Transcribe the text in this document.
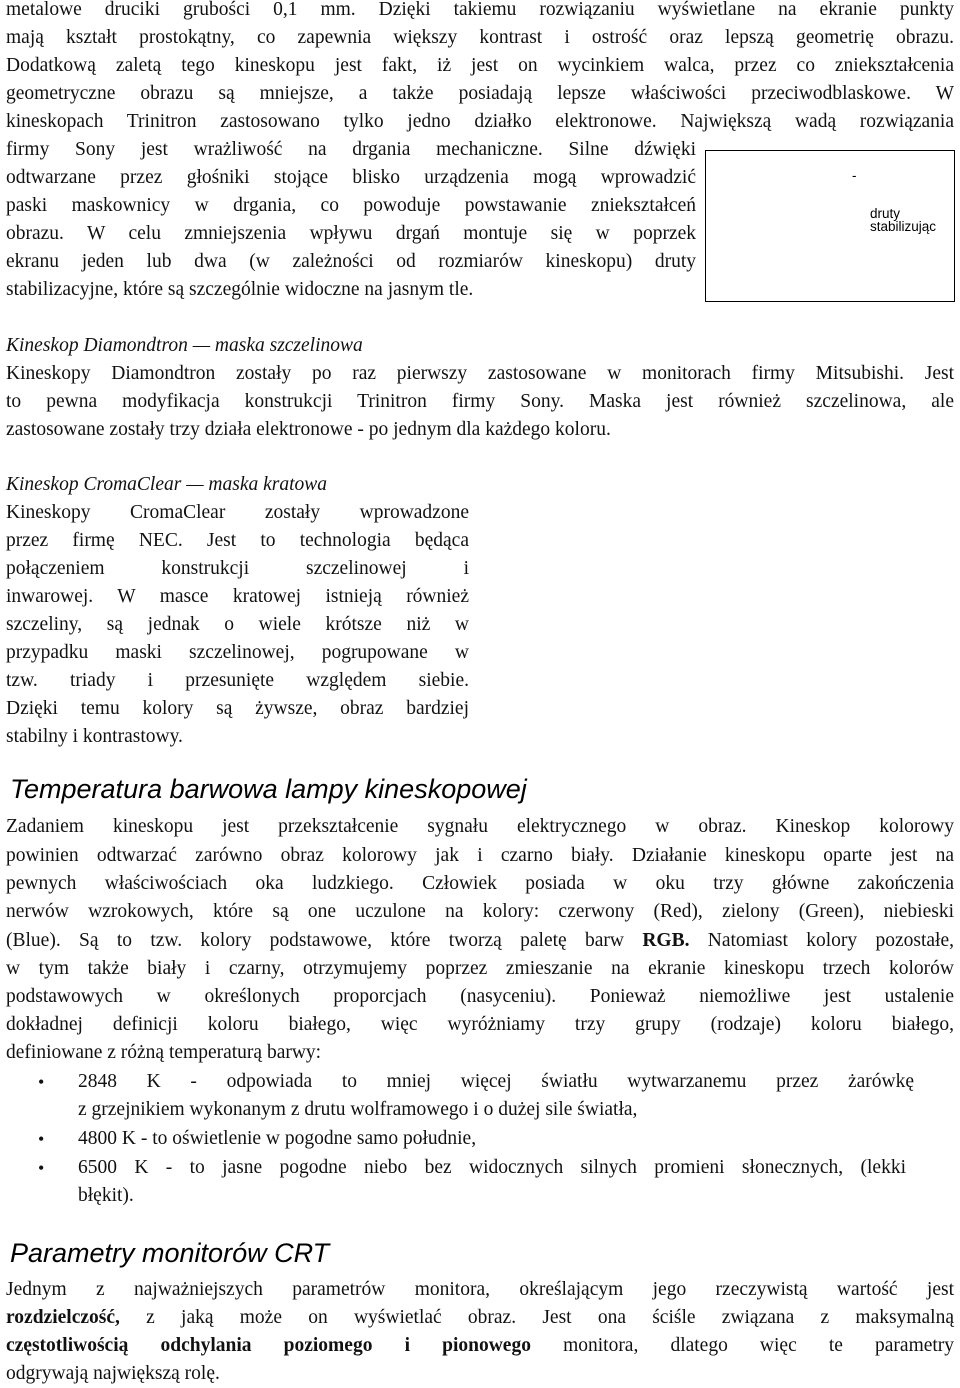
metalowe druciki grubości 0,1 mm. Dzięki takiemu rozwiązaniu wyświetlane na ekranie punkty
mają kształt prostokątny, co zapewnia większy kontrast i ostrość oraz lepszą geometrię obrazu.
Dodatkową zaletą tego kineskopu jest fakt, iż jest on wycinkiem walca, przez co zniekształcenia
geometryczne obrazu są mniejsze, a także posiadają lepsze właściwości przeciwodblaskowe. W
kineskopach Trinitron zastosowano tylko jedno działko elektronowe. Największą wadą rozwiązania
firmy Sony jest wrażliwość na drgania mechaniczne. Silne dźwięki
odtwarzane przez głośniki stojące blisko urządzenia mogą wprowadzić
paski maskownicy w drgania, co powoduje powstawanie zniekształceń
obrazu. W celu zmniejszenia wpływu drgań montuje się w poprzek
ekranu jeden lub dwa (w zależności od rozmiarów kineskopu) druty
stabilizacyjne, które są szczególnie widoczne na jasnym tle.
-
druty
stabilizując
Kineskop Diamondtron — maska szczelinowa
Kineskopy Diamondtron zostały po raz pierwszy zastosowane w monitorach firmy Mitsubishi. Jest
to pewna modyfikacja konstrukcji Trinitron firmy Sony. Maska jest również szczelinowa, ale
zastosowane zostały trzy działa elektronowe - po jednym dla każdego koloru.
Kineskop CromaClear — maska kratowa
Kineskopy CromaClear zostały wprowadzone
przez firmę NEC. Jest to technologia będąca
połączeniem konstrukcji szczelinowej i
inwarowej. W masce kratowej istnieją również
szczeliny, są jednak o wiele krótsze niż w
przypadku maski szczelinowej, pogrupowane w
tzw. triady i przesunięte względem siebie.
Dzięki temu kolory są żywsze, obraz bardziej
stabilny i kontrastowy.
Temperatura barwowa lampy kineskopowej
Zadaniem kineskopu jest przekształcenie sygnału elektrycznego w obraz. Kineskop kolorowy
powinien odtwarzać zarówno obraz kolorowy jak i czarno biały. Działanie kineskopu oparte jest na
pewnych właściwościach oka ludzkiego. Człowiek posiada w oku trzy główne zakończenia
nerwów wzrokowych, które są one uczulone na kolory: czerwony (Red), zielony (Green), niebieski
(Blue). Są to tzw. kolory podstawowe, które tworzą paletę barw RGB. Natomiast kolory pozostałe,
w tym także biały i czarny, otrzymujemy poprzez zmieszanie na ekranie kineskopu trzech kolorów
podstawowych w określonych proporcjach (nasyceniu). Ponieważ niemożliwe jest ustalenie
dokładnej definicji koloru białego, więc wyróżniamy trzy grupy (rodzaje) koloru białego,
definiowane z różną temperaturą barwy:
• 2848 K - odpowiada to mniej więcej światłu wytwarzanemu przez żarówkę
z grzejnikiem wykonanym z drutu wolframowego i o dużej sile światła,
• 4800 K - to oświetlenie w pogodne samo południe,
• 6500 K - to jasne pogodne niebo bez widocznych silnych promieni słonecznych, (lekki
błękit).
Parametry monitorów CRT
Jednym z najważniejszych parametrów monitora, określającym jego rzeczywistą wartość jest
rozdzielczość, z jaką może on wyświetlać obraz. Jest ona ściśle związana z maksymalną
częstotliwością odchylania poziomego i pionowego monitora, dlatego więc te parametry
odgrywają największą rolę.
